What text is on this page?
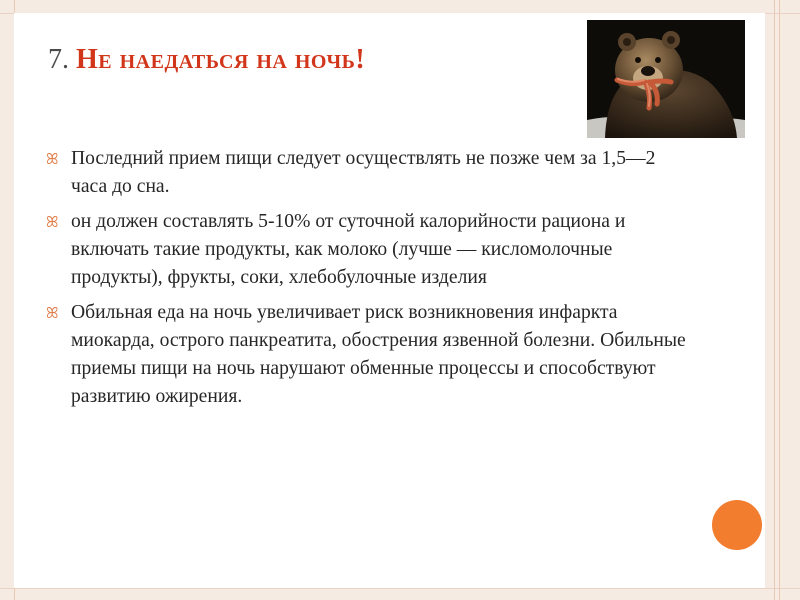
7. Не наедаться на ночь!
ꕤ Последний прием пищи следует осуществлять не позже чем за 1,5—2 часа до сна.
ꕤ он должен составлять 5-10% от суточной калорийности рациона и включать такие продукты, как молоко (лучше — кисломолочные продукты), фрукты, соки, хлебобулочные изделия
ꕤ Обильная еда на ночь увеличивает риск возникновения инфаркта миокарда, острого панкреатита, обострения язвенной болезни. Обильные приемы пищи на ночь нарушают обменные процессы и способствуют развитию ожирения.
